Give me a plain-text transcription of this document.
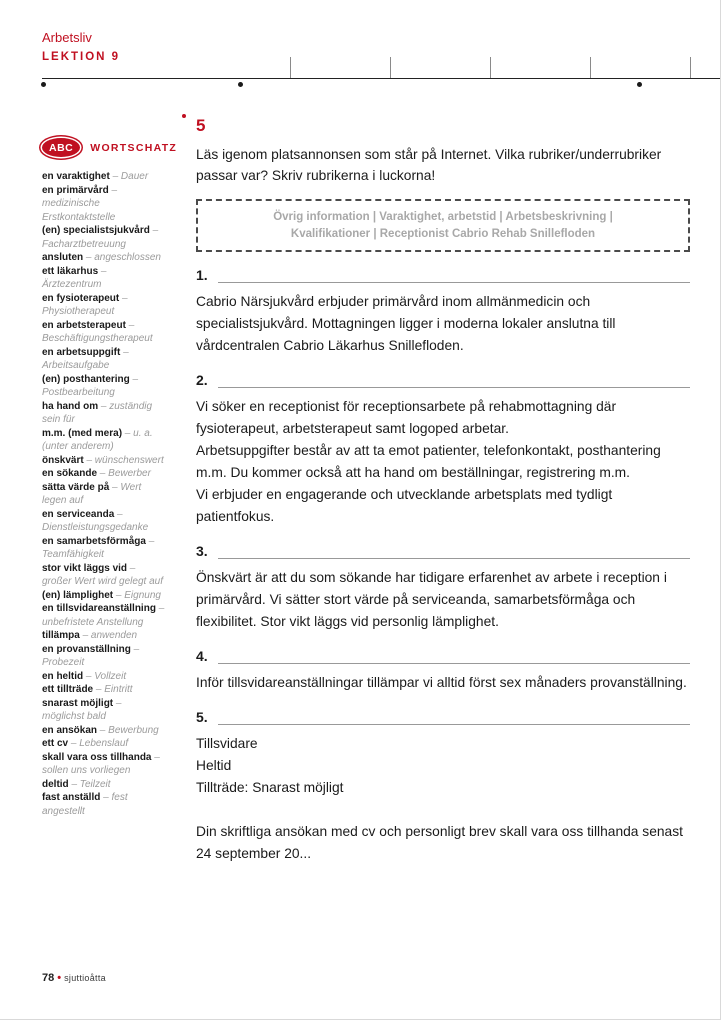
Arbetsliv
LEKTION 9
ABC	WORTSCHATZ
en varaktighet – Dauer
en primärvård – medizinische Erstkontaktstelle
(en) specialistsjukvård – Facharztbetreuung
ansluten – angeschlossen
ett läkarhus – Ärztezentrum
en fysioterapeut – Physiotherapeut
en arbetsterapeut – Beschäftigungstherapeut
en arbetsuppgift – Arbeitsaufgabe
(en) posthantering – Postbearbeitung
ha hand om – zuständig sein für
m.m. (med mera) – u. a. (unter anderem)
önskvärt – wünschenswert
en sökande – Bewerber
sätta värde på – Wert legen auf
en serviceanda – Dienstleistungsgedanke
en samarbetsförmåga – Teamfähigkeit
stor vikt läggs vid – großer Wert wird gelegt auf
(en) lämplighet – Eignung
en tillsvidareanställning – unbefristete Anstellung
tillämpa – anwenden
en provanställning – Probezeit
en heltid – Vollzeit
ett tillträde – Eintritt
snarast möjligt – möglichst bald
en ansökan – Bewerbung
ett cv – Lebenslauf
skall vara oss tillhanda – sollen uns vorliegen
deltid – Teilzeit
fast anställd – fest angestellt
5
Läs igenom platsannonsen som står på Internet. Vilka rubriker/underrubriker passar var? Skriv rubrikerna i luckorna!
Övrig information | Varaktighet, arbetstid | Arbetsbeskrivning |
Kvalifikationer | Receptionist Cabrio Rehab Snillefloden
1.

Cabrio Närsjukvård erbjuder primärvård inom allmänmedicin och specialistsjukvård. Mottagningen ligger i moderna lokaler anslutna till vårdcentralen Cabrio Läkarhus Snillefloden.

2.

Vi söker en receptionist för receptionsarbete på rehabmottagning där fysioterapeut, arbetsterapeut samt logoped arbetar.

Arbetsuppgifter består av att ta emot patienter, telefonkontakt, posthantering m.m. Du kommer också att ha hand om beställningar, registrering m.m.

Vi erbjuder en engagerande och utvecklande arbetsplats med tydligt patientfokus.

3.

Önskvärt är att du som sökande har tidigare erfarenhet av arbete i reception i primärvård. Vi sätter stort värde på serviceanda, samarbetsförmåga och flexibilitet. Stor vikt läggs vid personlig lämplighet.

4.

Inför tillsvidareanställningar tillämpar vi alltid först sex månaders provanställning.

5.

Tillsvidare

Heltid

Tillträde: Snarast möjligt

Din skriftliga ansökan med cv och personligt brev skall vara oss tillhanda senast 24 september 20...

78 • sjuttioåtta
